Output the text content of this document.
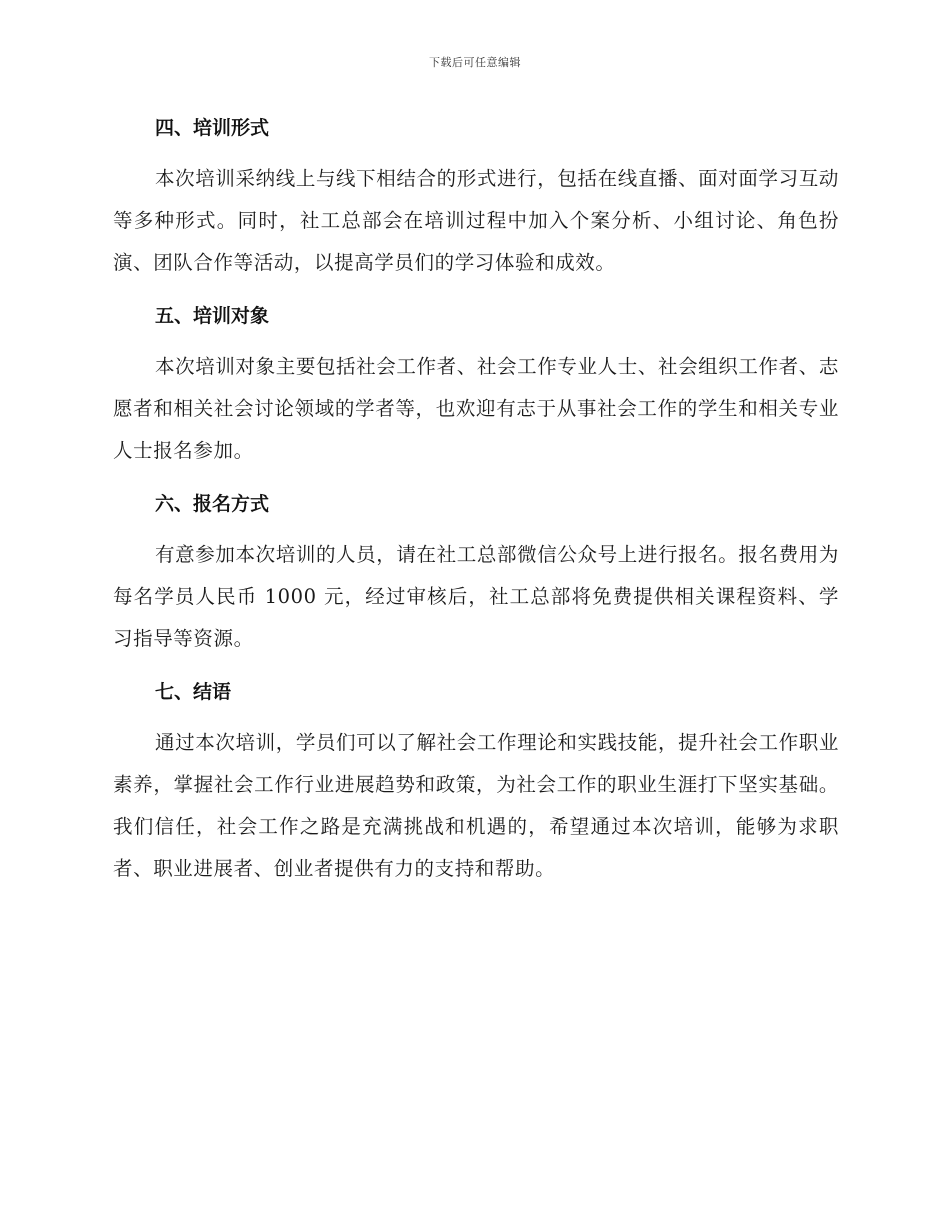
下载后可任意编辑
四、培训形式

本次培训采纳线上与线下相结合的形式进行，包括在线直播、面对面学习互动等多种形式。同时，社工总部会在培训过程中加入个案分析、小组讨论、角色扮演、团队合作等活动，以提高学员们的学习体验和成效。

五、培训对象

本次培训对象主要包括社会工作者、社会工作专业人士、社会组织工作者、志愿者和相关社会讨论领域的学者等，也欢迎有志于从事社会工作的学生和相关专业人士报名参加。

六、报名方式

有意参加本次培训的人员，请在社工总部微信公众号上进行报名。报名费用为每名学员人民币 1000 元，经过审核后，社工总部将免费提供相关课程资料、学习指导等资源。

七、结语

通过本次培训，学员们可以了解社会工作理论和实践技能，提升社会工作职业素养，掌握社会工作行业进展趋势和政策，为社会工作的职业生涯打下坚实基础。我们信任，社会工作之路是充满挑战和机遇的，希望通过本次培训，能够为求职者、职业进展者、创业者提供有力的支持和帮助。
